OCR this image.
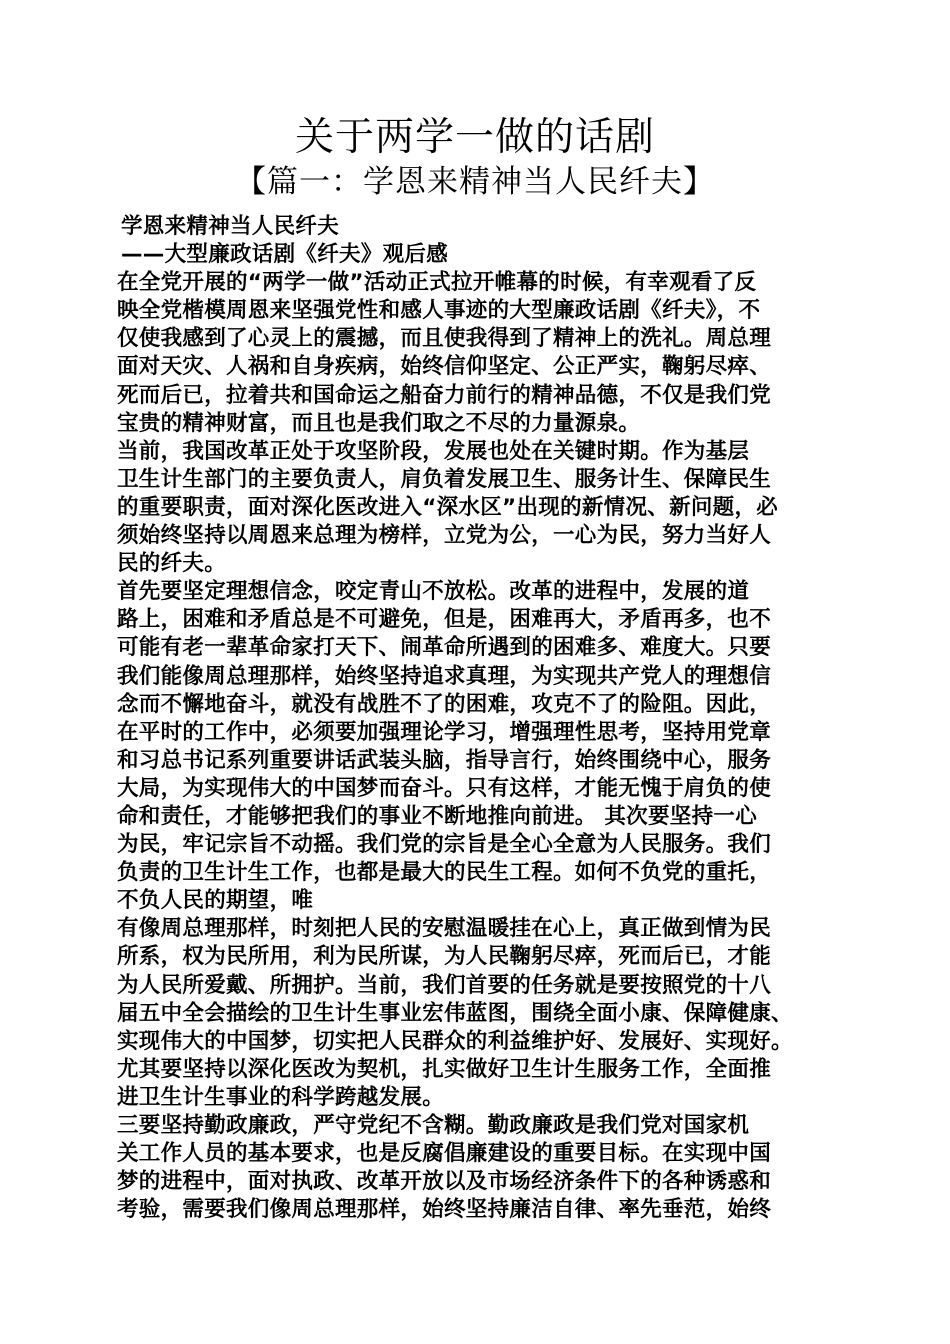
关于两学一做的话剧
【篇一：学恩来精神当人民纤夫】
学恩来精神当人民纤夫
——大型廉政话剧《纤夫》观后感
在全党开展的“两学一做”活动正式拉开帷幕的时候，有幸观看了反
映全党楷模周恩来坚强党性和感人事迹的大型廉政话剧《纤夫》，不
仅使我感到了心灵上的震撼，而且使我得到了精神上的洗礼。周总理
面对天灾、人祸和自身疾病，始终信仰坚定、公正严实，鞠躬尽瘁、
死而后已，拉着共和国命运之船奋力前行的精神品德，不仅是我们党
宝贵的精神财富，而且也是我们取之不尽的力量源泉。
当前，我国改革正处于攻坚阶段，发展也处在关键时期。作为基层
卫生计生部门的主要负责人，肩负着发展卫生、服务计生、保障民生
的重要职责，面对深化医改进入“深水区”出现的新情况、新问题，必
须始终坚持以周恩来总理为榜样，立党为公，一心为民，努力当好人
民的纤夫。
首先要坚定理想信念，咬定青山不放松。改革的进程中，发展的道
路上，困难和矛盾总是不可避免，但是，困难再大，矛盾再多，也不
可能有老一辈革命家打天下、闹革命所遇到的困难多、难度大。只要
我们能像周总理那样，始终坚持追求真理，为实现共产党人的理想信
念而不懈地奋斗，就没有战胜不了的困难，攻克不了的险阻。因此，
在平时的工作中，必须要加强理论学习，增强理性思考，坚持用党章
和习总书记系列重要讲话武装头脑，指导言行，始终围绕中心，服务
大局，为实现伟大的中国梦而奋斗。只有这样，才能无愧于肩负的使
命和责任，才能够把我们的事业不断地推向前进。 其次要坚持一心
为民，牢记宗旨不动摇。我们党的宗旨是全心全意为人民服务。我们
负责的卫生计生工作，也都是最大的民生工程。如何不负党的重托，
不负人民的期望，唯
有像周总理那样，时刻把人民的安慰温暖挂在心上，真正做到情为民
所系，权为民所用，利为民所谋，为人民鞠躬尽瘁，死而后已，才能
为人民所爱戴、所拥护。当前，我们首要的任务就是要按照党的十八
届五中全会描绘的卫生计生事业宏伟蓝图，围绕全面小康、保障健康、
实现伟大的中国梦，切实把人民群众的利益维护好、发展好、实现好。
尤其要坚持以深化医改为契机，扎实做好卫生计生服务工作，全面推
进卫生计生事业的科学跨越发展。
三要坚持勤政廉政，严守党纪不含糊。勤政廉政是我们党对国家机
关工作人员的基本要求，也是反腐倡廉建设的重要目标。在实现中国
梦的进程中，面对执政、改革开放以及市场经济条件下的各种诱惑和
考验，需要我们像周总理那样，始终坚持廉洁自律、率先垂范，始终
